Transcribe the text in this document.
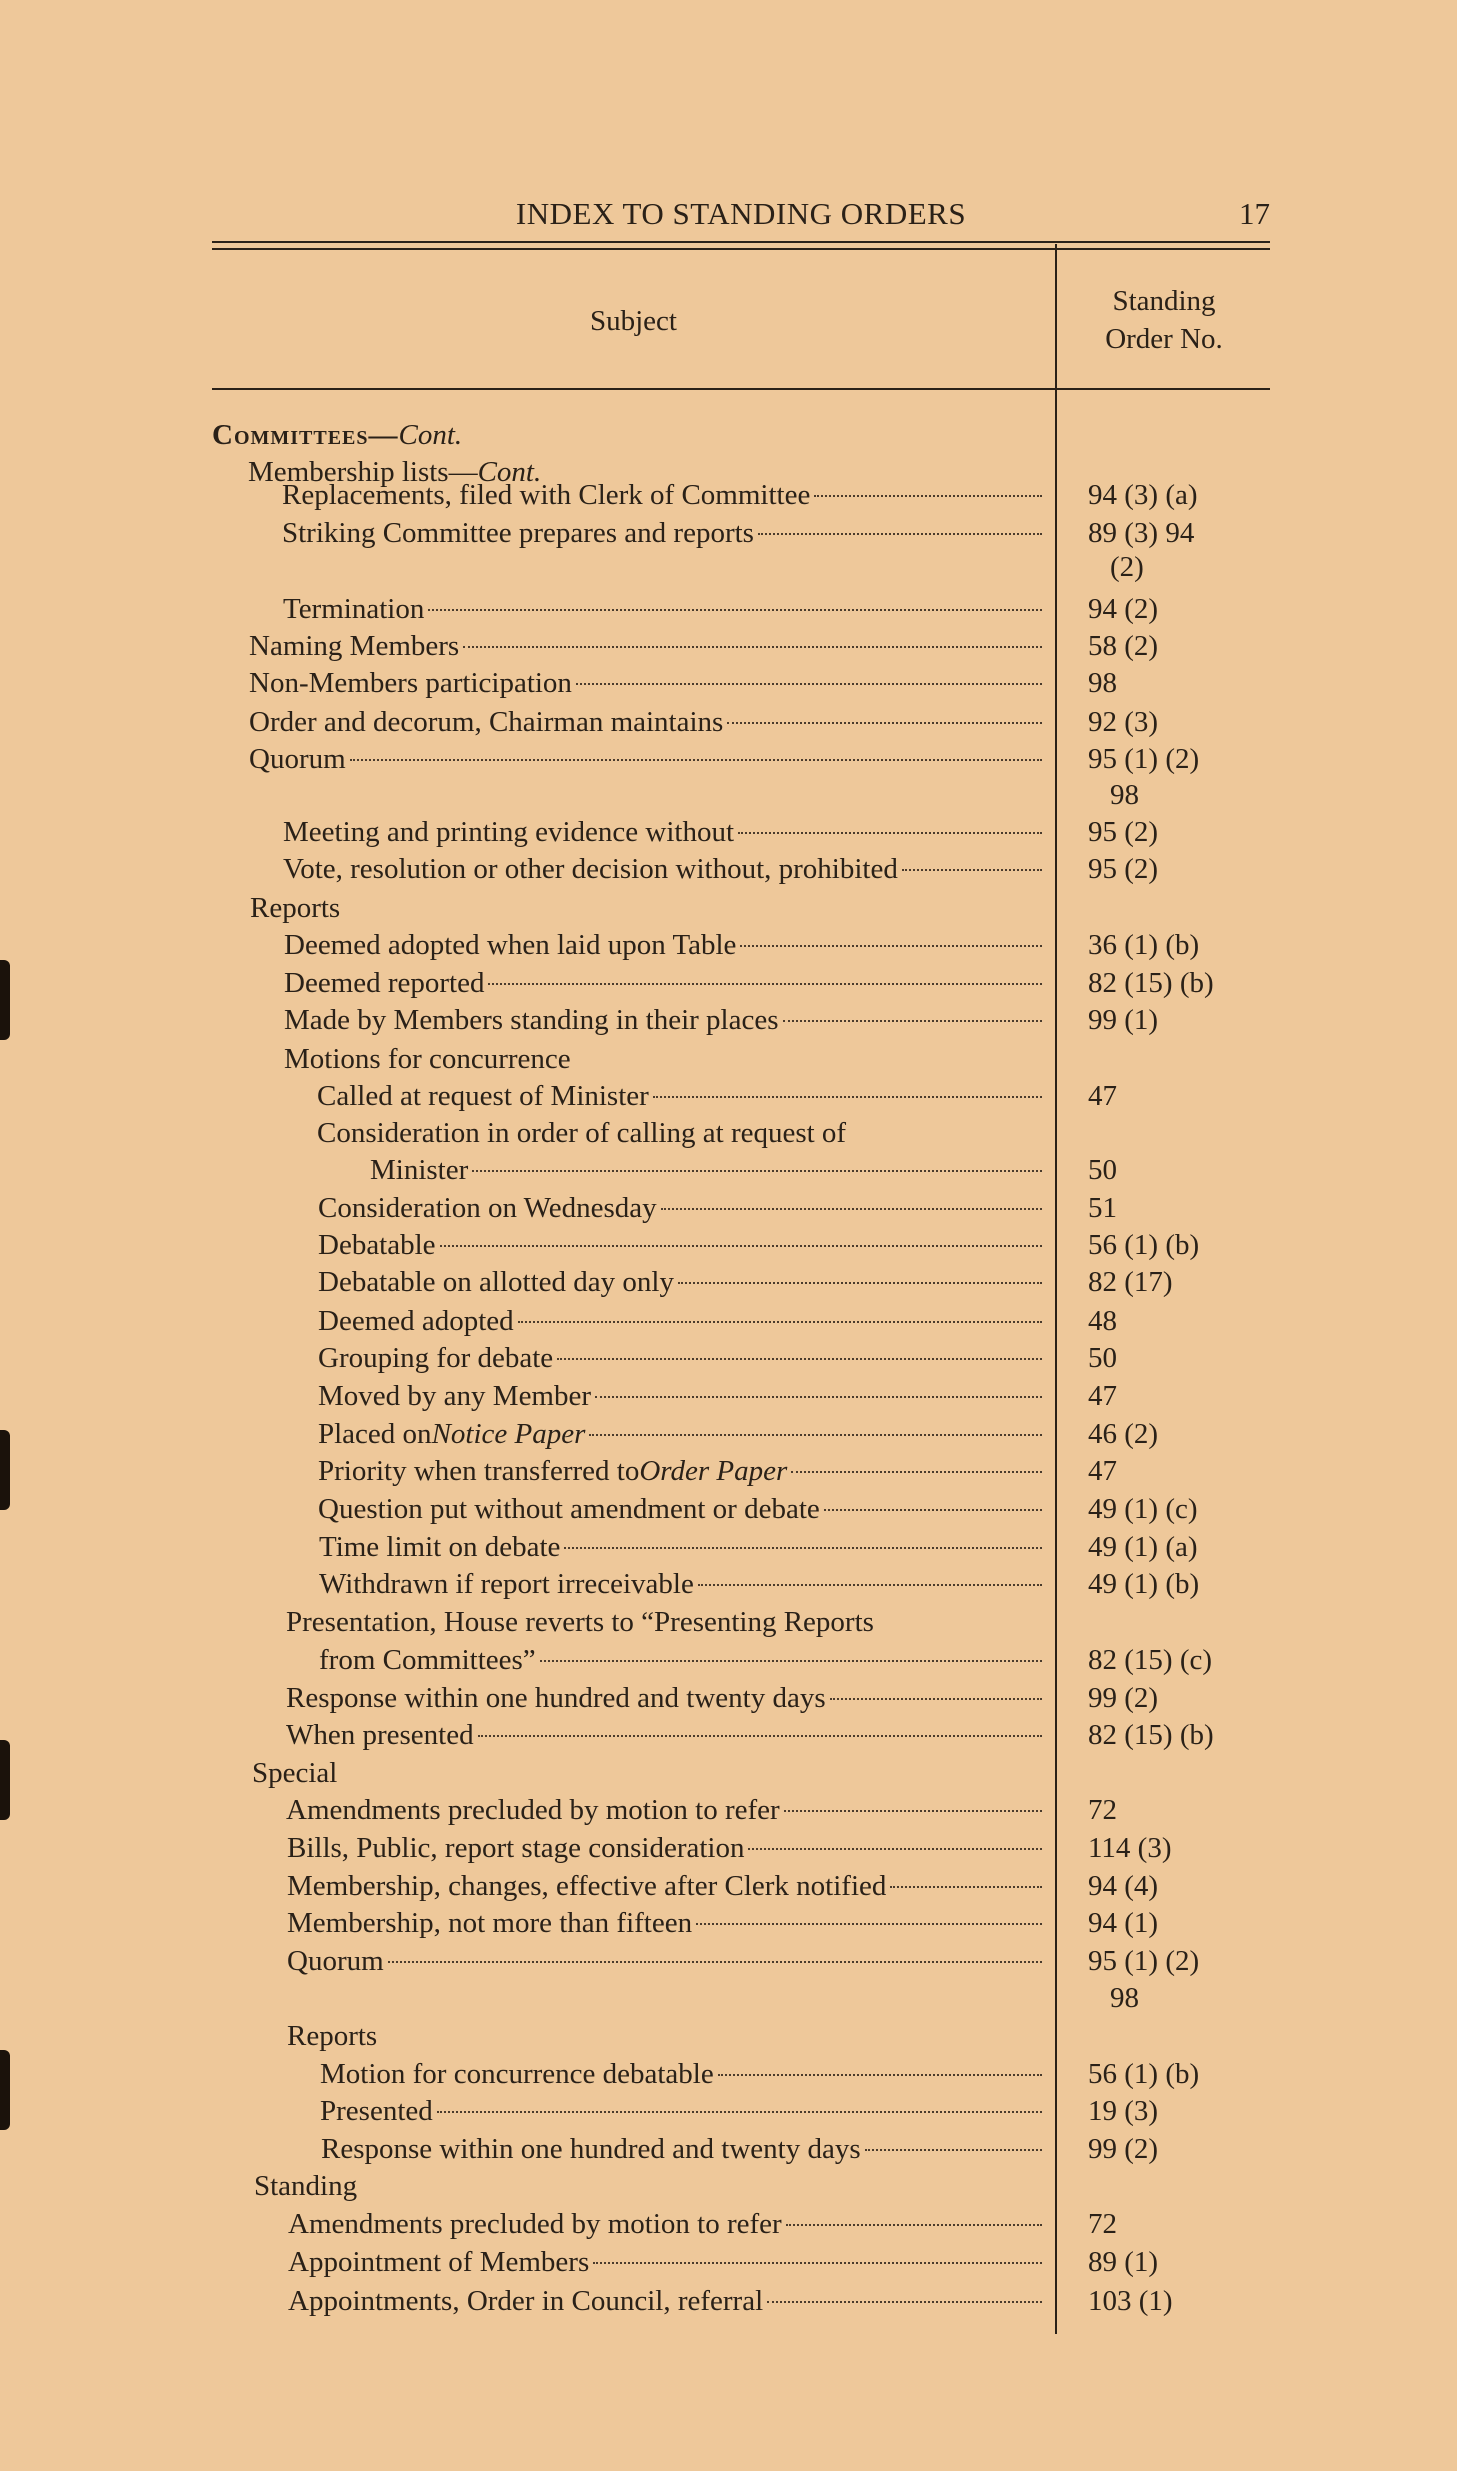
INDEX TO STANDING ORDERS	17
Subject
Standing
Order No.
Committees— Cont.
Membership lists— Cont.
Replacements, filed with Clerk of Committee	94 (3) (a)
Striking Committee prepares and reports	89 (3) 94
(2)
Termination	94 (2)
Naming Members	58 (2)
Non-Members participation	98
Order and decorum, Chairman maintains	92 (3)
Quorum	95 (1) (2)
98
Meeting and printing evidence without	95 (2)
Vote, resolution or other decision without, prohibited	95 (2)
Reports
Deemed adopted when laid upon Table	36 (1) (b)
Deemed reported	82 (15) (b)
Made by Members standing in their places	99 (1)
Motions for concurrence
Called at request of Minister	47
Consideration in order of calling at request of
Minister	50
Consideration on Wednesday	51
Debatable	56 (1) (b)
Debatable on allotted day only	82 (17)
Deemed adopted	48
Grouping for debate	50
Moved by any Member	47
Placed on Notice Paper	46 (2)
Priority when transferred to Order Paper	47
Question put without amendment or debate	49 (1) (c)
Time limit on debate	49 (1) (a)
Withdrawn if report irreceivable	49 (1) (b)
Presentation, House reverts to “Presenting Reports
from Committees”	82 (15) (c)
Response within one hundred and twenty days	99 (2)
When presented	82 (15) (b)
Special
Amendments precluded by motion to refer	72
Bills, Public, report stage consideration	114 (3)
Membership, changes, effective after Clerk notified	94 (4)
Membership, not more than fifteen	94 (1)
Quorum	95 (1) (2)
98
Reports
Motion for concurrence debatable	56 (1) (b)
Presented	19 (3)
Response within one hundred and twenty days	99 (2)
Standing
Amendments precluded by motion to refer	72
Appointment of Members	89 (1)
Appointments, Order in Council, referral	103 (1)
